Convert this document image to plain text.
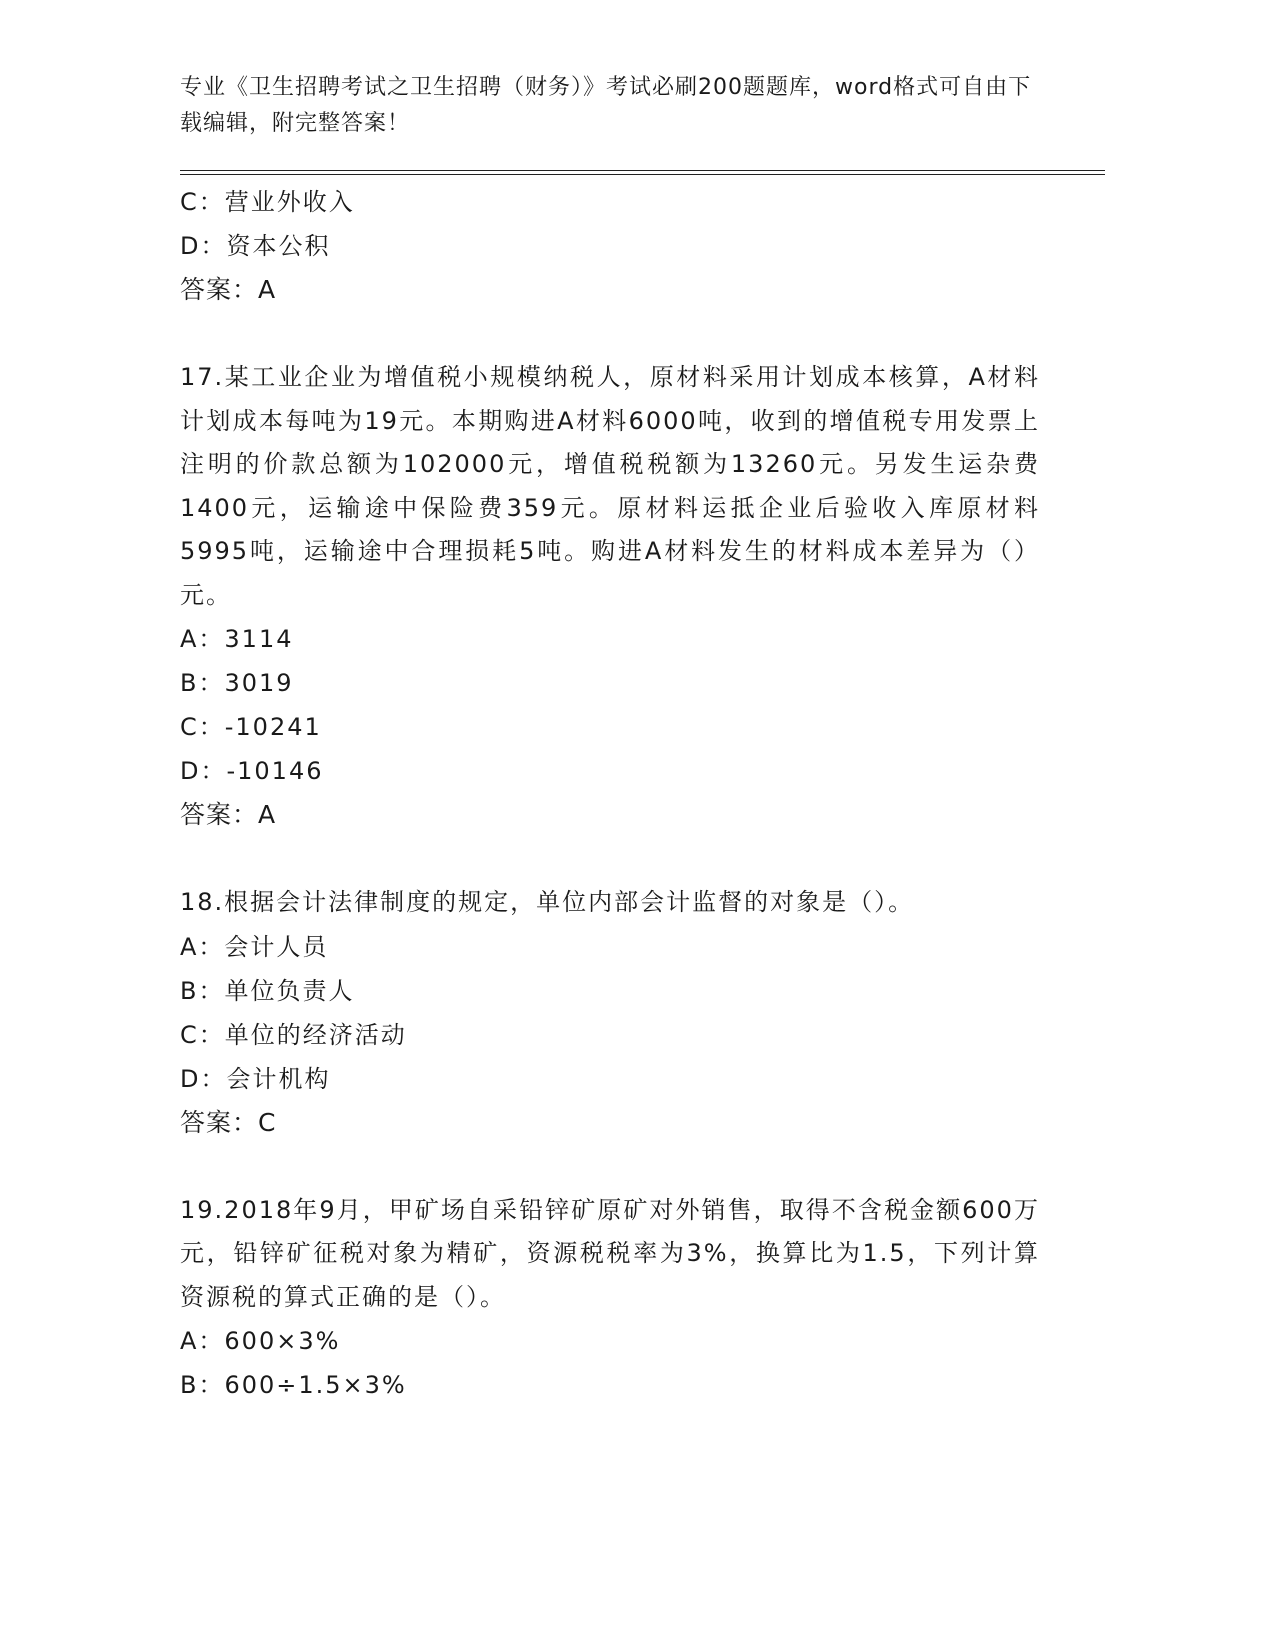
专业《卫生招聘考试之卫生招聘（财务）》考试必刷200题题库，word格式可自由下载编辑，附完整答案！
C：营业外收入
D：资本公积
答案：A
17.某工业企业为增值税小规模纳税人，原材料采用计划成本核算，A材料计划成本每吨为19元。本期购进A材料6000吨，收到的增值税专用发票上注明的价款总额为102000元，增值税税额为13260元。另发生运杂费1400元，运输途中保险费359元。原材料运抵企业后验收入库原材料5995吨，运输途中合理损耗5吨。购进A材料发生的材料成本差异为（）元。
A：3114
B：3019
C：-10241
D：-10146
答案：A
18.根据会计法律制度的规定，单位内部会计监督的对象是（）。
A：会计人员
B：单位负责人
C：单位的经济活动
D：会计机构
答案：C
19.2018年9月，甲矿场自采铅锌矿原矿对外销售，取得不含税金额600万元，铅锌矿征税对象为精矿，资源税税率为3%，换算比为1.5，下列计算资源税的算式正确的是（）。
A：600×3%
B：600÷1.5×3%
